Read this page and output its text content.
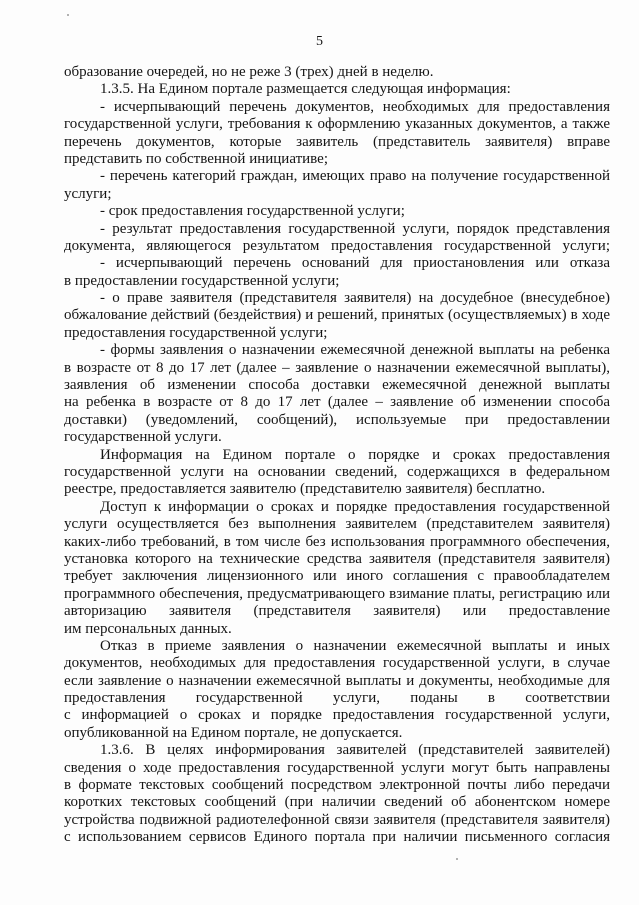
5
образование очередей, но не реже 3 (трех) дней в неделю.
1.3.5. На Едином портале размещается следующая информация:
- исчерпывающий перечень документов, необходимых для предоставления
государственной услуги, требования к оформлению указанных документов, а также
перечень документов, которые заявитель (представитель заявителя) вправе
представить по собственной инициативе;
- перечень категорий граждан, имеющих право на получение государственной
услуги;
- срок предоставления государственной услуги;
- результат предоставления государственной услуги, порядок представления
документа, являющегося результатом предоставления государственной услуги;
- исчерпывающий перечень оснований для приостановления или отказа
в предоставлении государственной услуги;
- о праве заявителя (представителя заявителя) на досудебное (внесудебное)
обжалование действий (бездействия) и решений, принятых (осуществляемых) в ходе
предоставления государственной услуги;
- формы заявления о назначении ежемесячной денежной выплаты на ребенка
в возрасте от 8 до 17 лет (далее – заявление о назначении ежемесячной выплаты),
заявления об изменении способа доставки ежемесячной денежной выплаты
на ребенка в возрасте от 8 до 17 лет (далее – заявление об изменении способа
доставки) (уведомлений, сообщений), используемые при предоставлении
государственной услуги.
Информация на Едином портале о порядке и сроках предоставления
государственной услуги на основании сведений, содержащихся в федеральном
реестре, предоставляется заявителю (представителю заявителя) бесплатно.
Доступ к информации о сроках и порядке предоставления государственной
услуги осуществляется без выполнения заявителем (представителем заявителя)
каких-либо требований, в том числе без использования программного обеспечения,
установка которого на технические средства заявителя (представителя заявителя)
требует заключения лицензионного или иного соглашения с правообладателем
программного обеспечения, предусматривающего взимание платы, регистрацию или
авторизацию заявителя (представителя заявителя) или предоставление
им персональных данных.
Отказ в приеме заявления о назначении ежемесячной выплаты и иных
документов, необходимых для предоставления государственной услуги, в случае
если заявление о назначении ежемесячной выплаты и документы, необходимые для
предоставления государственной услуги, поданы в соответствии
с информацией о сроках и порядке предоставления государственной услуги,
опубликованной на Едином портале, не допускается.
1.3.6. В целях информирования заявителей (представителей заявителей)
сведения о ходе предоставления государственной услуги могут быть направлены
в формате текстовых сообщений посредством электронной почты либо передачи
коротких текстовых сообщений (при наличии сведений об абонентском номере
устройства подвижной радиотелефонной связи заявителя (представителя заявителя)
с использованием сервисов Единого портала при наличии письменного согласия
